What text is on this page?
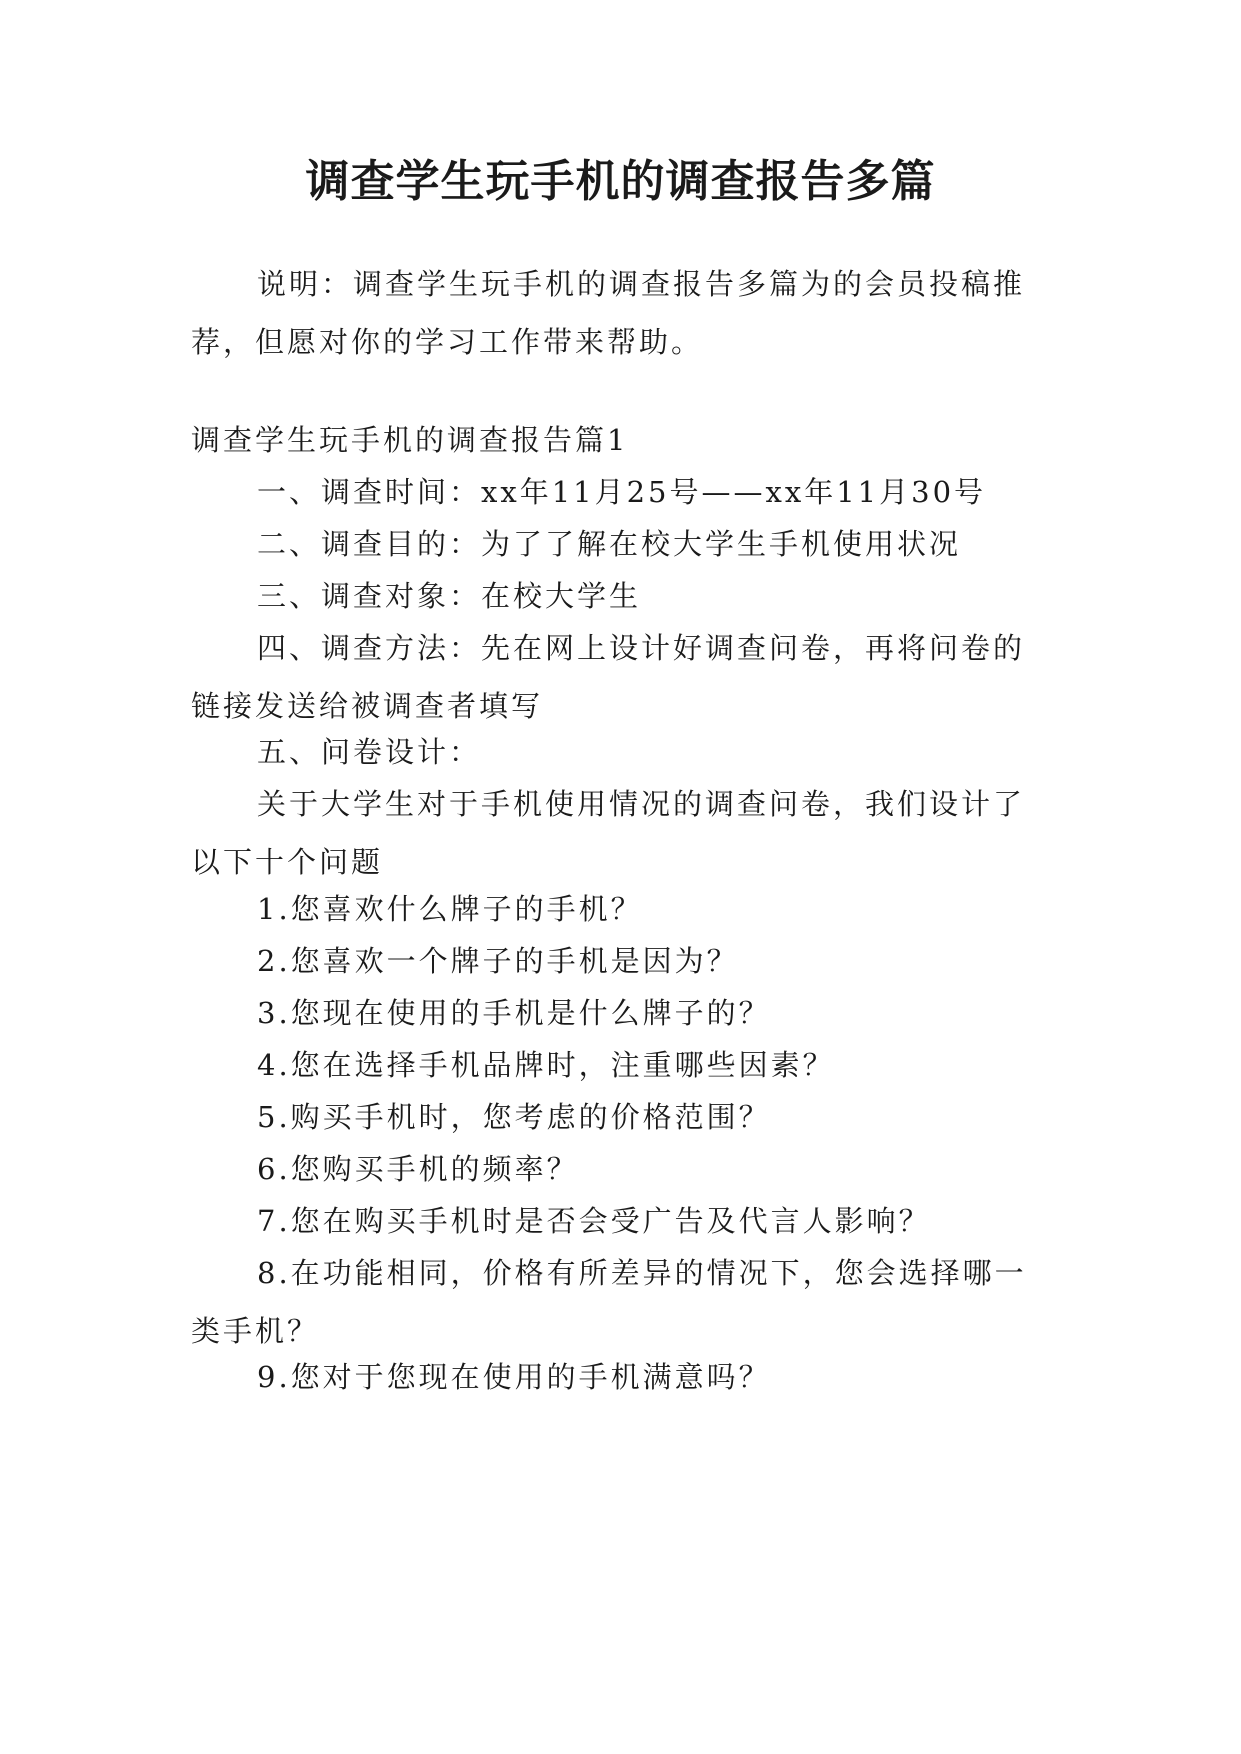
调查学生玩手机的调查报告多篇

说明：调查学生玩手机的调查报告多篇为的会员投稿推荐，但愿对你的学习工作带来帮助。

调查学生玩手机的调查报告篇1

一、调查时间：xx年11月25号——xx年11月30号

二、调查目的：为了了解在校大学生手机使用状况

三、调查对象：在校大学生

四、调查方法：先在网上设计好调查问卷，再将问卷的链接发送给被调查者填写

五、问卷设计：

关于大学生对于手机使用情况的调查问卷，我们设计了以下十个问题

1.您喜欢什么牌子的手机？

2.您喜欢一个牌子的手机是因为？

3.您现在使用的手机是什么牌子的？

4.您在选择手机品牌时，注重哪些因素？

5.购买手机时，您考虑的价格范围？

6.您购买手机的频率？

7.您在购买手机时是否会受广告及代言人影响？

8.在功能相同，价格有所差异的情况下，您会选择哪一类手机？

9.您对于您现在使用的手机满意吗？
